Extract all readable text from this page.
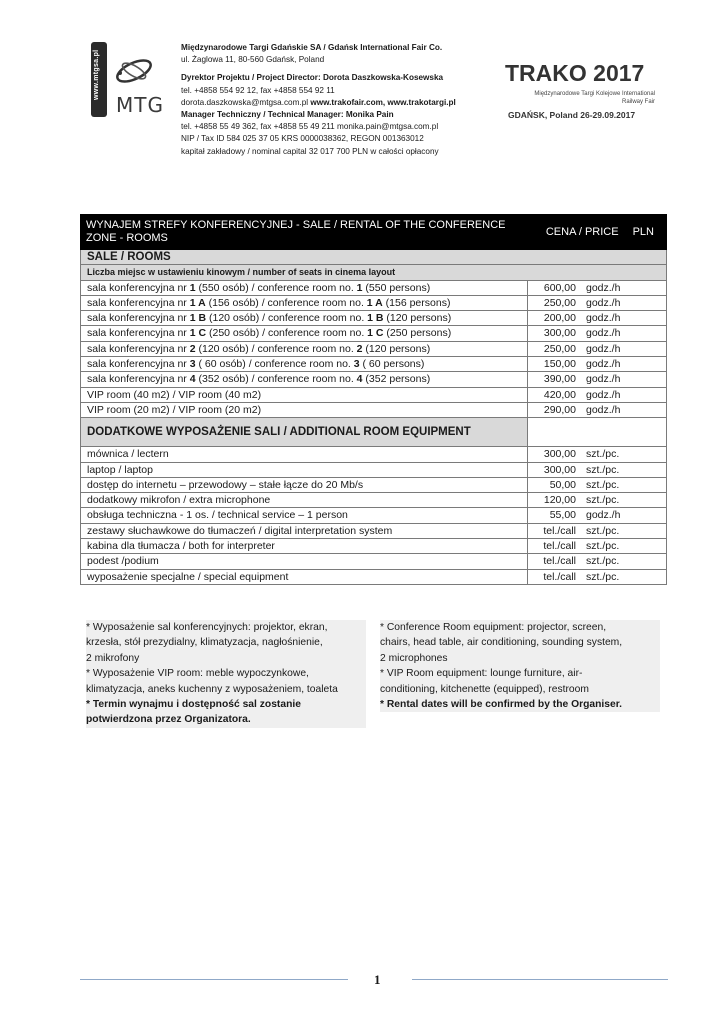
www.mtgsa.pl
MTG
Międzynarodowe Targi Gdańskie SA / Gdańsk International Fair Co.
ul. Żaglowa 11, 80-560 Gdańsk, Poland
Dyrektor Projektu / Project Director: Dorota Daszkowska-Kosewska
tel. +4858 554 92 12, fax +4858 554 92 11
dorota.daszkowska@mtgsa.com.pl www.trakofair.com, www.trakotargi.pl
Manager Techniczny / Technical Manager: Monika Pain
tel. +4858 55 49 362, fax +4858 55 49 211 monika.pain@mtgsa.com.pl
NIP / Tax ID 584 025 37 05 KRS 0000038362, REGON 001363012
kapitał zakładowy / nominal capital 32 017 700 PLN w całości opłacony
TRAKO 2017
Międzynarodowe Targi Kolejowe International Railway Fair
GDAŃSK, Poland 26-29.09.2017
WYNAJEM STREFY KONFERENCYJNEJ - SALE / RENTAL OF THE CONFERENCE ZONE - ROOMS	CENA / PRICE PLN
SALE / ROOMS	
Liczba miejsc w ustawieniu kinowym / number of seats in cinema layout	
sala konferencyjna nr 1 (550 osób) / conference room no. 1 (550 persons)	600,00 godz./h
sala konferencyjna nr 1 A (156 osób) / conference room no. 1 A (156 persons)	250,00 godz./h
sala konferencyjna nr 1 B (120 osób) / conference room no. 1 B (120 persons)	200,00 godz./h
sala konferencyjna nr 1 C (250 osób) / conference room no. 1 C (250 persons)	300,00 godz./h
sala konferencyjna nr 2 (120 osób) / conference room no. 2 (120 persons)	250,00 godz./h
sala konferencyjna nr 3 ( 60 osób) / conference room no. 3 ( 60 persons)	150,00 godz./h
sala konferencyjna nr 4 (352 osób) / conference room no. 4 (352 persons)	390,00 godz./h
VIP room (40 m2) / VIP room (40 m2)	420,00 godz./h
VIP room (20 m2) / VIP room (20 m2)	290,00 godz./h
DODATKOWE WYPOSAŻENIE SALI / ADDITIONAL ROOM EQUIPMENT	
mównica / lectern	300,00 szt./pc.
laptop / laptop	300,00 szt./pc.
dostęp do internetu – przewodowy – stałe łącze do 20 Mb/s	50,00 szt./pc.
dodatkowy mikrofon / extra microphone	120,00 szt./pc.
obsługa techniczna - 1 os. / technical service – 1 person	55,00 godz./h
zestawy słuchawkowe do tłumaczeń / digital interpretation system	tel./call szt./pc.
kabina dla tłumacza / both for interpreter	tel./call szt./pc.
podest /podium	tel./call szt./pc.
wyposażenie specjalne / special equipment	tel./call szt./pc.
* Wyposażenie sal konferencyjnych: projektor, ekran,
krzesła, stół prezydialny, klimatyzacja, nagłośnienie,
2 mikrofony
* Wyposażenie VIP room: meble wypoczynkowe,
klimatyzacja, aneks kuchenny z wyposażeniem, toaleta
* Termin wynajmu i dostępność sal zostanie
potwierdzona przez Organizatora.
* Conference Room equipment: projector, screen,
chairs, head table, air conditioning, sounding system,
2 microphones
* VIP Room equipment: lounge furniture, air-
conditioning, kitchenette (equipped), restroom
* Rental dates will be confirmed by the Organiser.
1
